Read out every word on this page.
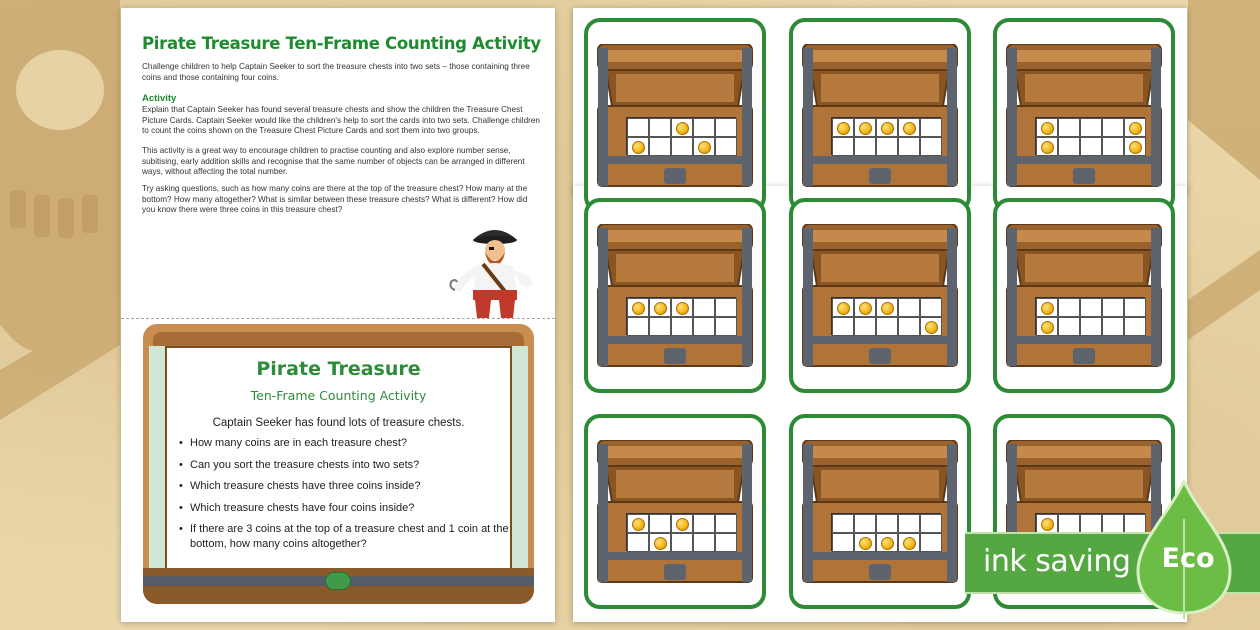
Pirate Treasure Ten-Frame Counting Activity
Challenge children to help Captain Seeker to sort the treasure chests into two sets – those containing three coins and those containing four coins.
Activity
Explain that Captain Seeker has found several treasure chests and show the children the Treasure Chest Picture Cards. Captain Seeker would like the children's help to sort the cards into two sets. Challenge children to count the coins shown on the Treasure Chest Picture Cards and sort them into two groups.
This activity is a great way to encourage children to practise counting and also explore number sense, subitising, early addition skills and recognise that the same number of objects can be arranged in different ways, without affecting the total number.
Try asking questions, such as how many coins are there at the top of the treasure chest? How many at the bottom? How many altogether? What is similar between these treasure chests? What is different? How did you know there were three coins in this treasure chest?
Pirate Treasure
Ten-Frame Counting Activity
Captain Seeker has found lots of treasure chests.
• How many coins are in each treasure chest?
• Can you sort the treasure chests into two sets?
• Which treasure chests have three coins inside?
• Which treasure chests have four coins inside?
• If there are 3 coins at the top of a treasure chest and 1 coin at the bottom, how many coins altogether?	ink saving Eco
